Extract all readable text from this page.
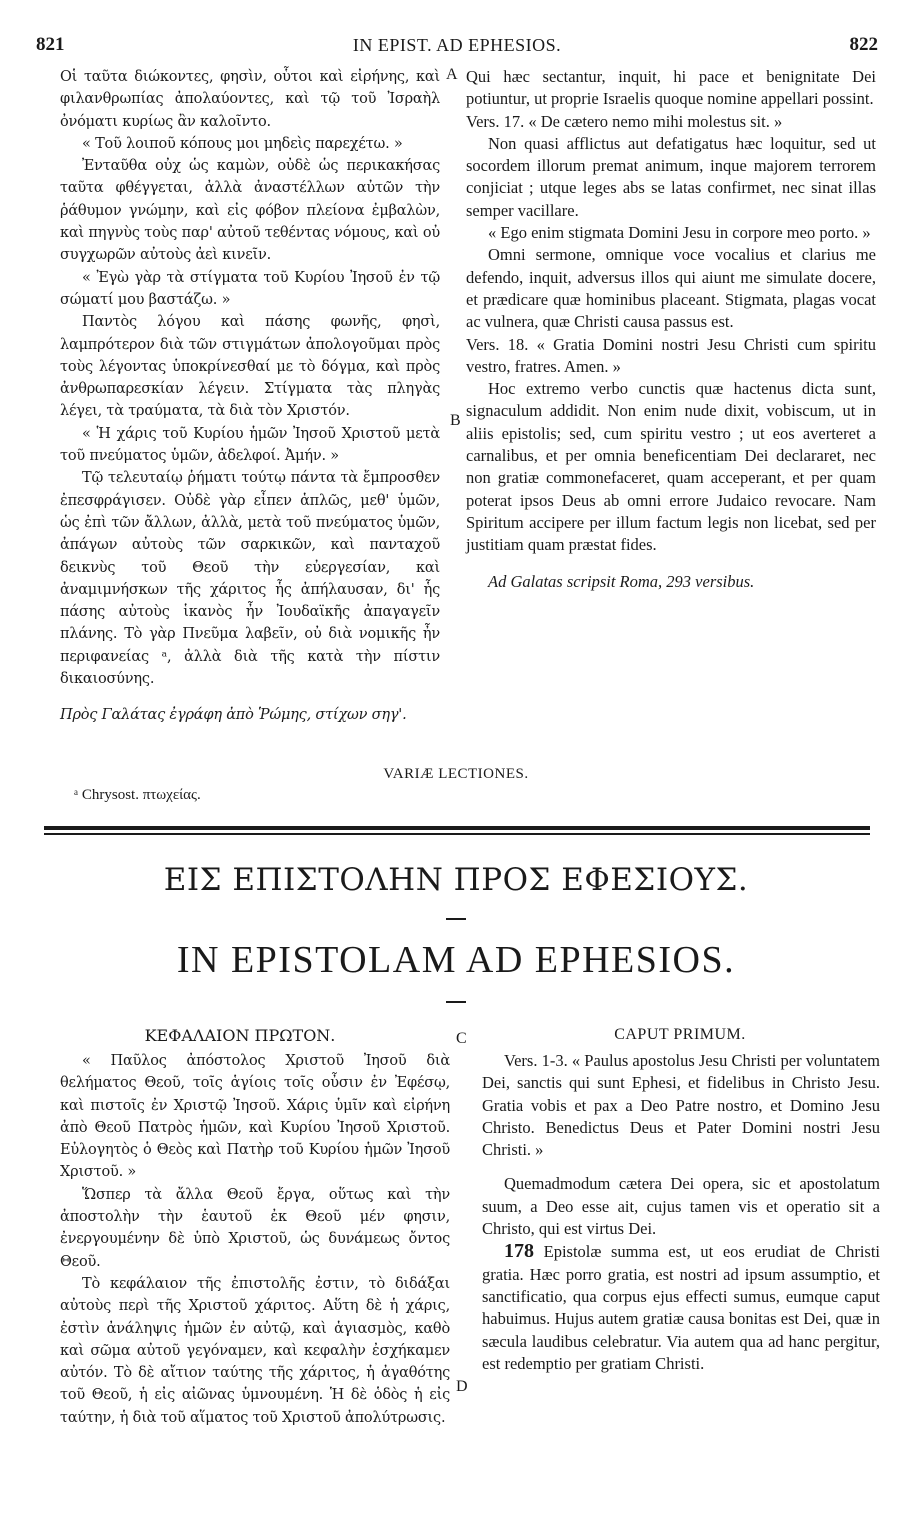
821	IN EPIST. AD EPHESIOS.	822

Οἱ ταῦτα διώκοντες, φησὶν, οὗτοι καὶ εἰρήνης, καὶ φιλανθρωπίας ἀπολαύοντες, καὶ τῷ τοῦ Ἰσραὴλ ὀνόματι κυρίως ἂν καλοῖντο.

« Τοῦ λοιποῦ κόπους μοι μηδεὶς παρεχέτω. »

Ἐνταῦθα οὐχ ὡς καμὼν, οὐδὲ ὡς περικακήσας ταῦτα φθέγγεται, ἀλλὰ ἀναστέλλων αὐτῶν τὴν ῥάθυμον γνώμην, καὶ εἰς φόβον πλείονα ἐμβαλὼν, καὶ πηγνὺς τοὺς παρ' αὐτοῦ τεθέντας νόμους, καὶ οὐ συγχωρῶν αὐτοὺς ἀεὶ κινεῖν.

« Ἐγὼ γὰρ τὰ στίγματα τοῦ Κυρίου Ἰησοῦ ἐν τῷ σώματί μου βαστάζω. »

Παντὸς λόγου καὶ πάσης φωνῆς, φησὶ, λαμπρότερον διὰ τῶν στιγμάτων ἀπολογοῦμαι πρὸς τοὺς λέγοντας ὑποκρίνεσθαί με τὸ δόγμα, καὶ πρὸς ἀνθρωπαρεσκίαν λέγειν. Στίγματα τὰς πληγὰς λέγει, τὰ τραύματα, τὰ διὰ τὸν Χριστόν.

« Ἡ χάρις τοῦ Κυρίου ἡμῶν Ἰησοῦ Χριστοῦ μετὰ τοῦ πνεύματος ὑμῶν, ἀδελφοί. Ἀμήν. »

Τῷ τελευταίῳ ῥήματι τούτῳ πάντα τὰ ἔμπροσθεν ἐπεσφράγισεν. Οὐδὲ γὰρ εἶπεν ἁπλῶς, μεθ' ὑμῶν, ὡς ἐπὶ τῶν ἄλλων, ἀλλὰ, μετὰ τοῦ πνεύματος ὑμῶν, ἀπάγων αὐτοὺς τῶν σαρκικῶν, καὶ πανταχοῦ δεικνὺς τοῦ Θεοῦ τὴν εὐεργεσίαν, καὶ ἀναμιμνήσκων τῆς χάριτος ἧς ἀπήλαυσαν, δι' ἧς πάσης αὐτοὺς ἱκανὸς ἦν Ἰουδαϊκῆς ἀπαγαγεῖν πλάνης. Τὸ γὰρ Πνεῦμα λαβεῖν, οὐ διὰ νομικῆς ἦν περιφανείας ᵃ, ἀλλὰ διὰ τῆς κατὰ τὴν πίστιν δικαιοσύνης.

Πρὸς Γαλάτας ἐγράφη ἀπὸ Ῥώμης, στίχων σηγ'.

Qui hæc sectantur, inquit, hi pace et benignitate Dei potiuntur, ut proprie Israelis quoque nomine appellari possint.

Vers. 17. « De cætero nemo mihi molestus sit. »

Non quasi afflictus aut defatigatus hæc loquitur, sed ut socordem illorum premat animum, inque majorem terrorem conjiciat ; utque leges abs se latas confirmet, nec sinat illas semper vacillare.

« Ego enim stigmata Domini Jesu in corpore meo porto. »

Omni sermone, omnique voce vocalius et clarius me defendo, inquit, adversus illos qui aiunt me simulate docere, et prædicare quæ hominibus placeant. Stigmata, plagas vocat ac vulnera, quæ Christi causa passus est.

Vers. 18. « Gratia Domini nostri Jesu Christi cum spiritu vestro, fratres. Amen. »

Hoc extremo verbo cunctis quæ hactenus dicta sunt, signaculum addidit. Non enim nude dixit, vobiscum, ut in aliis epistolis; sed, cum spiritu vestro ; ut eos averteret a carnalibus, et per omnia beneficentiam Dei declararet, nec non gratiæ commonefaceret, quam acceperant, et per quam poterat ipsos Deus ab omni errore Judaico revocare. Nam Spiritum accipere per illum factum legis non licebat, sed per justitiam quam præstat fides.

Ad Galatas scripsit Roma, 293 versibus.

A
B
VARIÆ LECTIONES.
ᵃ Chrysost. πτωχείας.
ΕΙΣ ΕΠΙΣΤΟΛΗΝ ΠΡΟΣ ΕΦΕΣΙΟΥΣ.
IN EPISTOLAM AD EPHESIOS.
ΚΕΦΑΛΑΙΟΝ ΠΡΩΤΟΝ.	CAPUT PRIMUM.
C
D

« Παῦλος ἀπόστολος Χριστοῦ Ἰησοῦ διὰ θελήματος Θεοῦ, τοῖς ἁγίοις τοῖς οὖσιν ἐν Ἐφέσῳ, καὶ πιστοῖς ἐν Χριστῷ Ἰησοῦ. Χάρις ὑμῖν καὶ εἰρήνη ἀπὸ Θεοῦ Πατρὸς ἡμῶν, καὶ Κυρίου Ἰησοῦ Χριστοῦ. Εὐλογητὸς ὁ Θεὸς καὶ Πατὴρ τοῦ Κυρίου ἡμῶν Ἰησοῦ Χριστοῦ. »

Ὥσπερ τὰ ἄλλα Θεοῦ ἔργα, οὕτως καὶ τὴν ἀποστολὴν τὴν ἑαυτοῦ ἐκ Θεοῦ μέν φησιν, ἐνεργουμένην δὲ ὑπὸ Χριστοῦ, ὡς δυνάμεως ὄντος Θεοῦ.

Τὸ κεφάλαιον τῆς ἐπιστολῆς ἐστιν, τὸ διδάξαι αὐτοὺς περὶ τῆς Χριστοῦ χάριτος. Αὕτη δὲ ἡ χάρις, ἐστὶν ἀνάληψις ἡμῶν ἐν αὐτῷ, καὶ ἁγιασμὸς, καθὸ καὶ σῶμα αὐτοῦ γεγόναμεν, καὶ κεφαλὴν ἐσχήκαμεν αὐτόν. Τὸ δὲ αἴτιον ταύτης τῆς χάριτος, ἡ ἀγαθότης τοῦ Θεοῦ, ἡ εἰς αἰῶνας ὑμνουμένη. Ἡ δὲ ὁδὸς ἡ εἰς ταύτην, ἡ διὰ τοῦ αἵματος τοῦ Χριστοῦ ἀπολύτρωσις.

Vers. 1-3. « Paulus apostolus Jesu Christi per voluntatem Dei, sanctis qui sunt Ephesi, et fidelibus in Christo Jesu. Gratia vobis et pax a Deo Patre nostro, et Domino Jesu Christo. Benedictus Deus et Pater Domini nostri Jesu Christi. »

Quemadmodum cætera Dei opera, sic et apostolatum suum, a Deo esse ait, cujus tamen vis et operatio sit a Christo, qui est virtus Dei.

178 Epistolæ summa est, ut eos erudiat de Christi gratia. Hæc porro gratia, est nostri ad ipsum assumptio, et sanctificatio, qua corpus ejus effecti sumus, eumque caput habuimus. Hujus autem gratiæ causa bonitas est Dei, quæ in sæcula laudibus celebratur. Via autem qua ad hanc pergitur, est redemptio per gratiam Christi.
